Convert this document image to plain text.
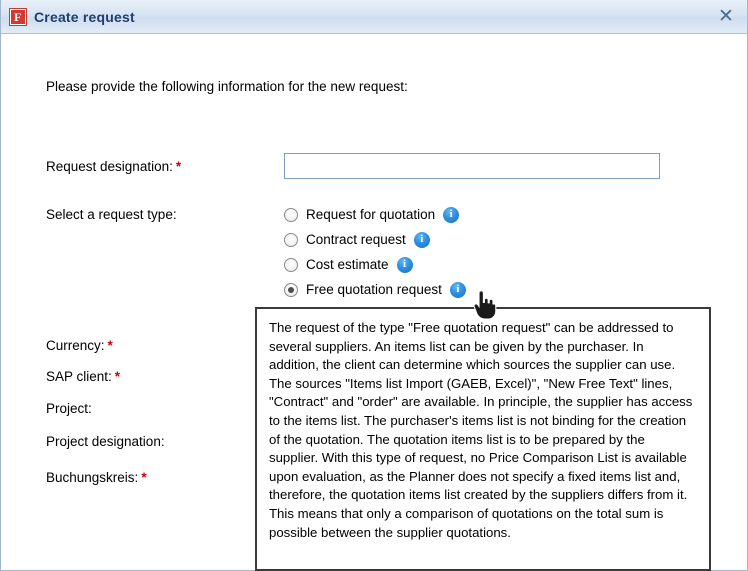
F Create request	✕
Please provide the following information for the new request:
Request designation: *
Select a request type:	Request for quotation	i
Contract request	i
Cost estimate	i
Free quotation request	i
Currency: *
SAP client: *
Project:
Project designation:
Buchungskreis: *
The request of the type "Free quotation request" can be addressed to several suppliers. An items list can be given by the purchaser. In addition, the client can determine which sources the supplier can use. The sources "Items list Import (GAEB, Excel)", "New Free Text" lines, "Contract" and "order" are available. In principle, the supplier has access to the items list. The purchaser's items list is not binding for the creation of the quotation. The quotation items list is to be prepared by the supplier. With this type of request, no Price Comparison List is available upon evaluation, as the Planner does not specify a fixed items list and, therefore, the quotation items list created by the suppliers differs from it. This means that only a comparison of quotations on the total sum is possible between the supplier quotations.
